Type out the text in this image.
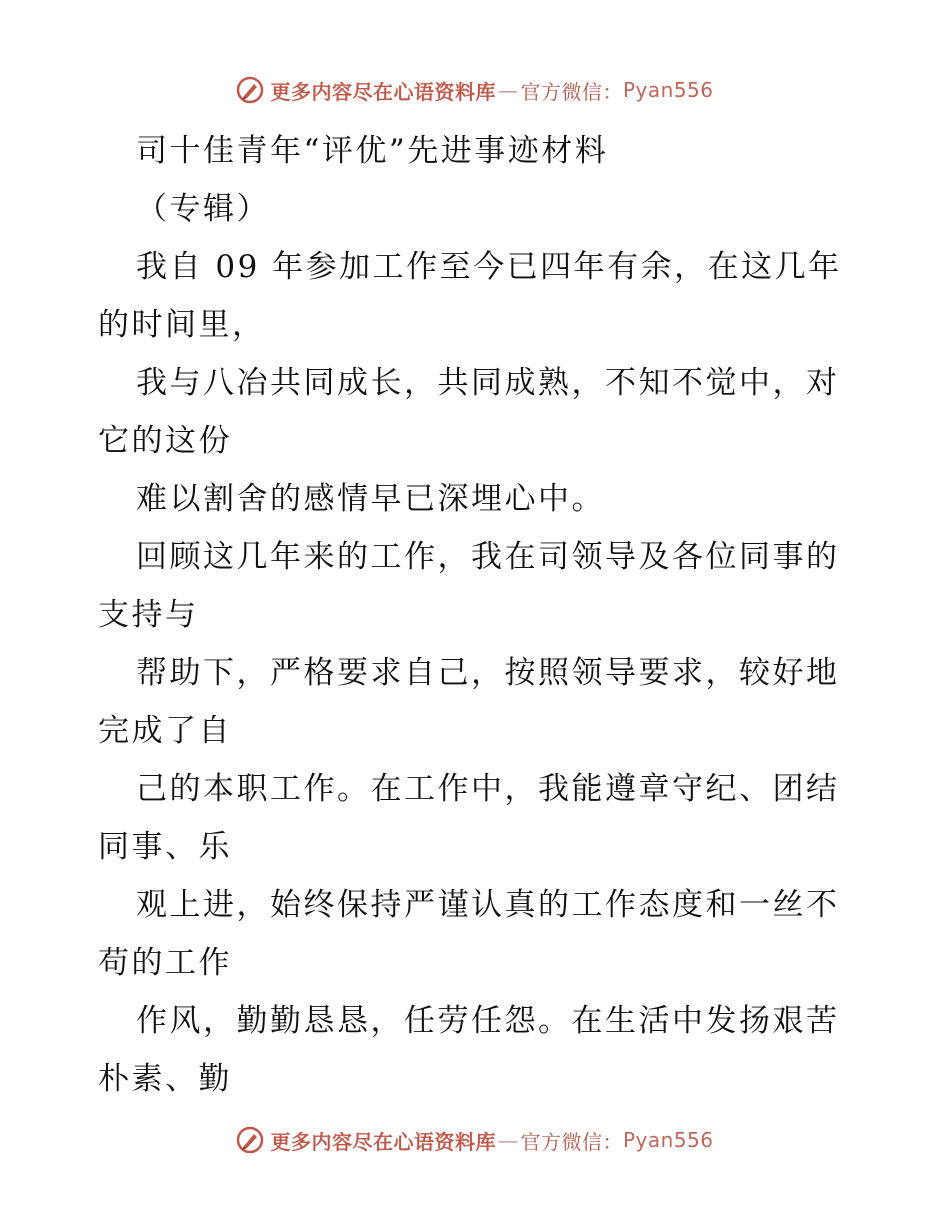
更多内容尽在心语资料库 — 官方微信： Pyan556
司十佳青年“评优”先进事迹材料
（专辑）
我自 09 年参加工作至今已四年有余，在这几年
的时间里，
我与八冶共同成长，共同成熟，不知不觉中，对
它的这份
难以割舍的感情早已深埋心中。
回顾这几年来的工作，我在司领导及各位同事的
支持与
帮助下，严格要求自己，按照领导要求，较好地
完成了自
己的本职工作。在工作中，我能遵章守纪、团结
同事、乐
观上进，始终保持严谨认真的工作态度和一丝不
苟的工作
作风，勤勤恳恳，任劳任怨。在生活中发扬艰苦
朴素、勤
更多内容尽在心语资料库 — 官方微信： Pyan556
